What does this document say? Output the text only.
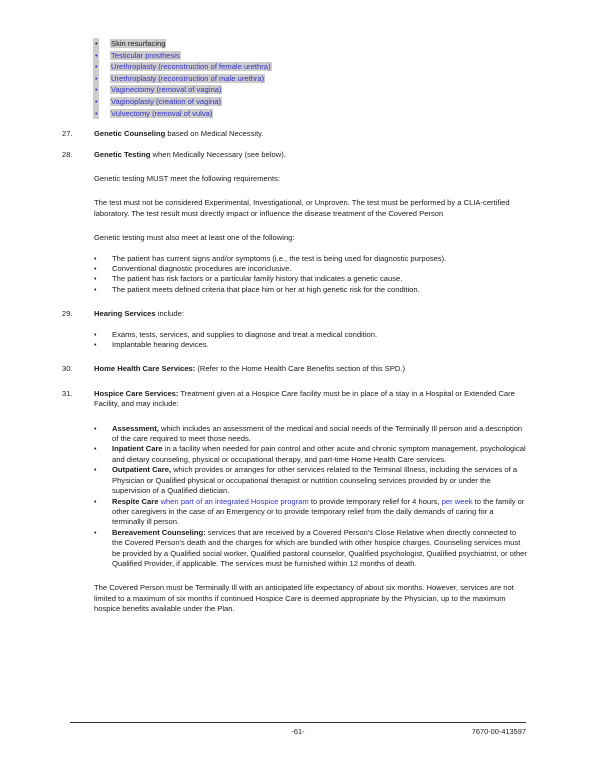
• Skin resurfacing
• Testicular prosthesis
• Urethroplasty (reconstruction of female urethra)
• Urethroplasty (reconstruction of male urethra)
• Vaginectomy (removal of vagina)
• Vaginoplasty (creation of vagina)
• Vulvectomy (removal of vulva)
27.	Genetic Counseling based on Medical Necessity.
28.	Genetic Testing when Medically Necessary (see below).
Genetic testing MUST meet the following requirements:
The test must not be considered Experimental, Investigational, or Unproven. The test must be performed by a CLIA-certified laboratory. The test result must directly impact or influence the disease treatment of the Covered Person
Genetic testing must also meet at least one of the following:
• The patient has current signs and/or symptoms (i.e., the test is being used for diagnostic purposes).
• Conventional diagnostic procedures are inconclusive.
• The patient has risk factors or a particular family history that indicates a genetic cause.
• The patient meets defined criteria that place him or her at high genetic risk for the condition.
29.	Hearing Services include:
• Exams, tests, services, and supplies to diagnose and treat a medical condition.
• Implantable hearing devices.
30.	Home Health Care Services: (Refer to the Home Health Care Benefits section of this SPD.)
31.	Hospice Care Services: Treatment given at a Hospice Care facility must be in place of a stay in a Hospital or Extended Care Facility, and may include:
• Assessment, which includes an assessment of the medical and social needs of the Terminally Ill person and a description of the care required to meet those needs.
• Inpatient Care in a facility when needed for pain control and other acute and chronic symptom management, psychological and dietary counseling, physical or occupational therapy, and part-time Home Health Care services.
• Outpatient Care, which provides or arranges for other services related to the Terminal Illness, including the services of a Physician or Qualified physical or occupational therapist or nutrition counseling services provided by or under the supervision of a Qualified dietician.
• Respite Care when part of an integrated Hospice program to provide temporary relief for 4 hours, per week to the family or other caregivers in the case of an Emergency or to provide temporary relief from the daily demands of caring for a terminally ill person.
• Bereavement Counseling: services that are received by a Covered Person's Close Relative when directly connected to the Covered Person's death and the charges for which are bundled with other hospice charges. Counseling services must be provided by a Qualified social worker, Qualified pastoral counselor, Qualified psychologist, Qualified psychiatrist, or other Qualified Provider, if applicable. The services must be furnished within 12 months of death.
The Covered Person must be Terminally Ill with an anticipated life expectancy of about six months. However, services are not limited to a maximum of six months if continued Hospice Care is deemed appropriate by the Physician, up to the maximum hospice benefits available under the Plan.
-61-	7670-00-413597
